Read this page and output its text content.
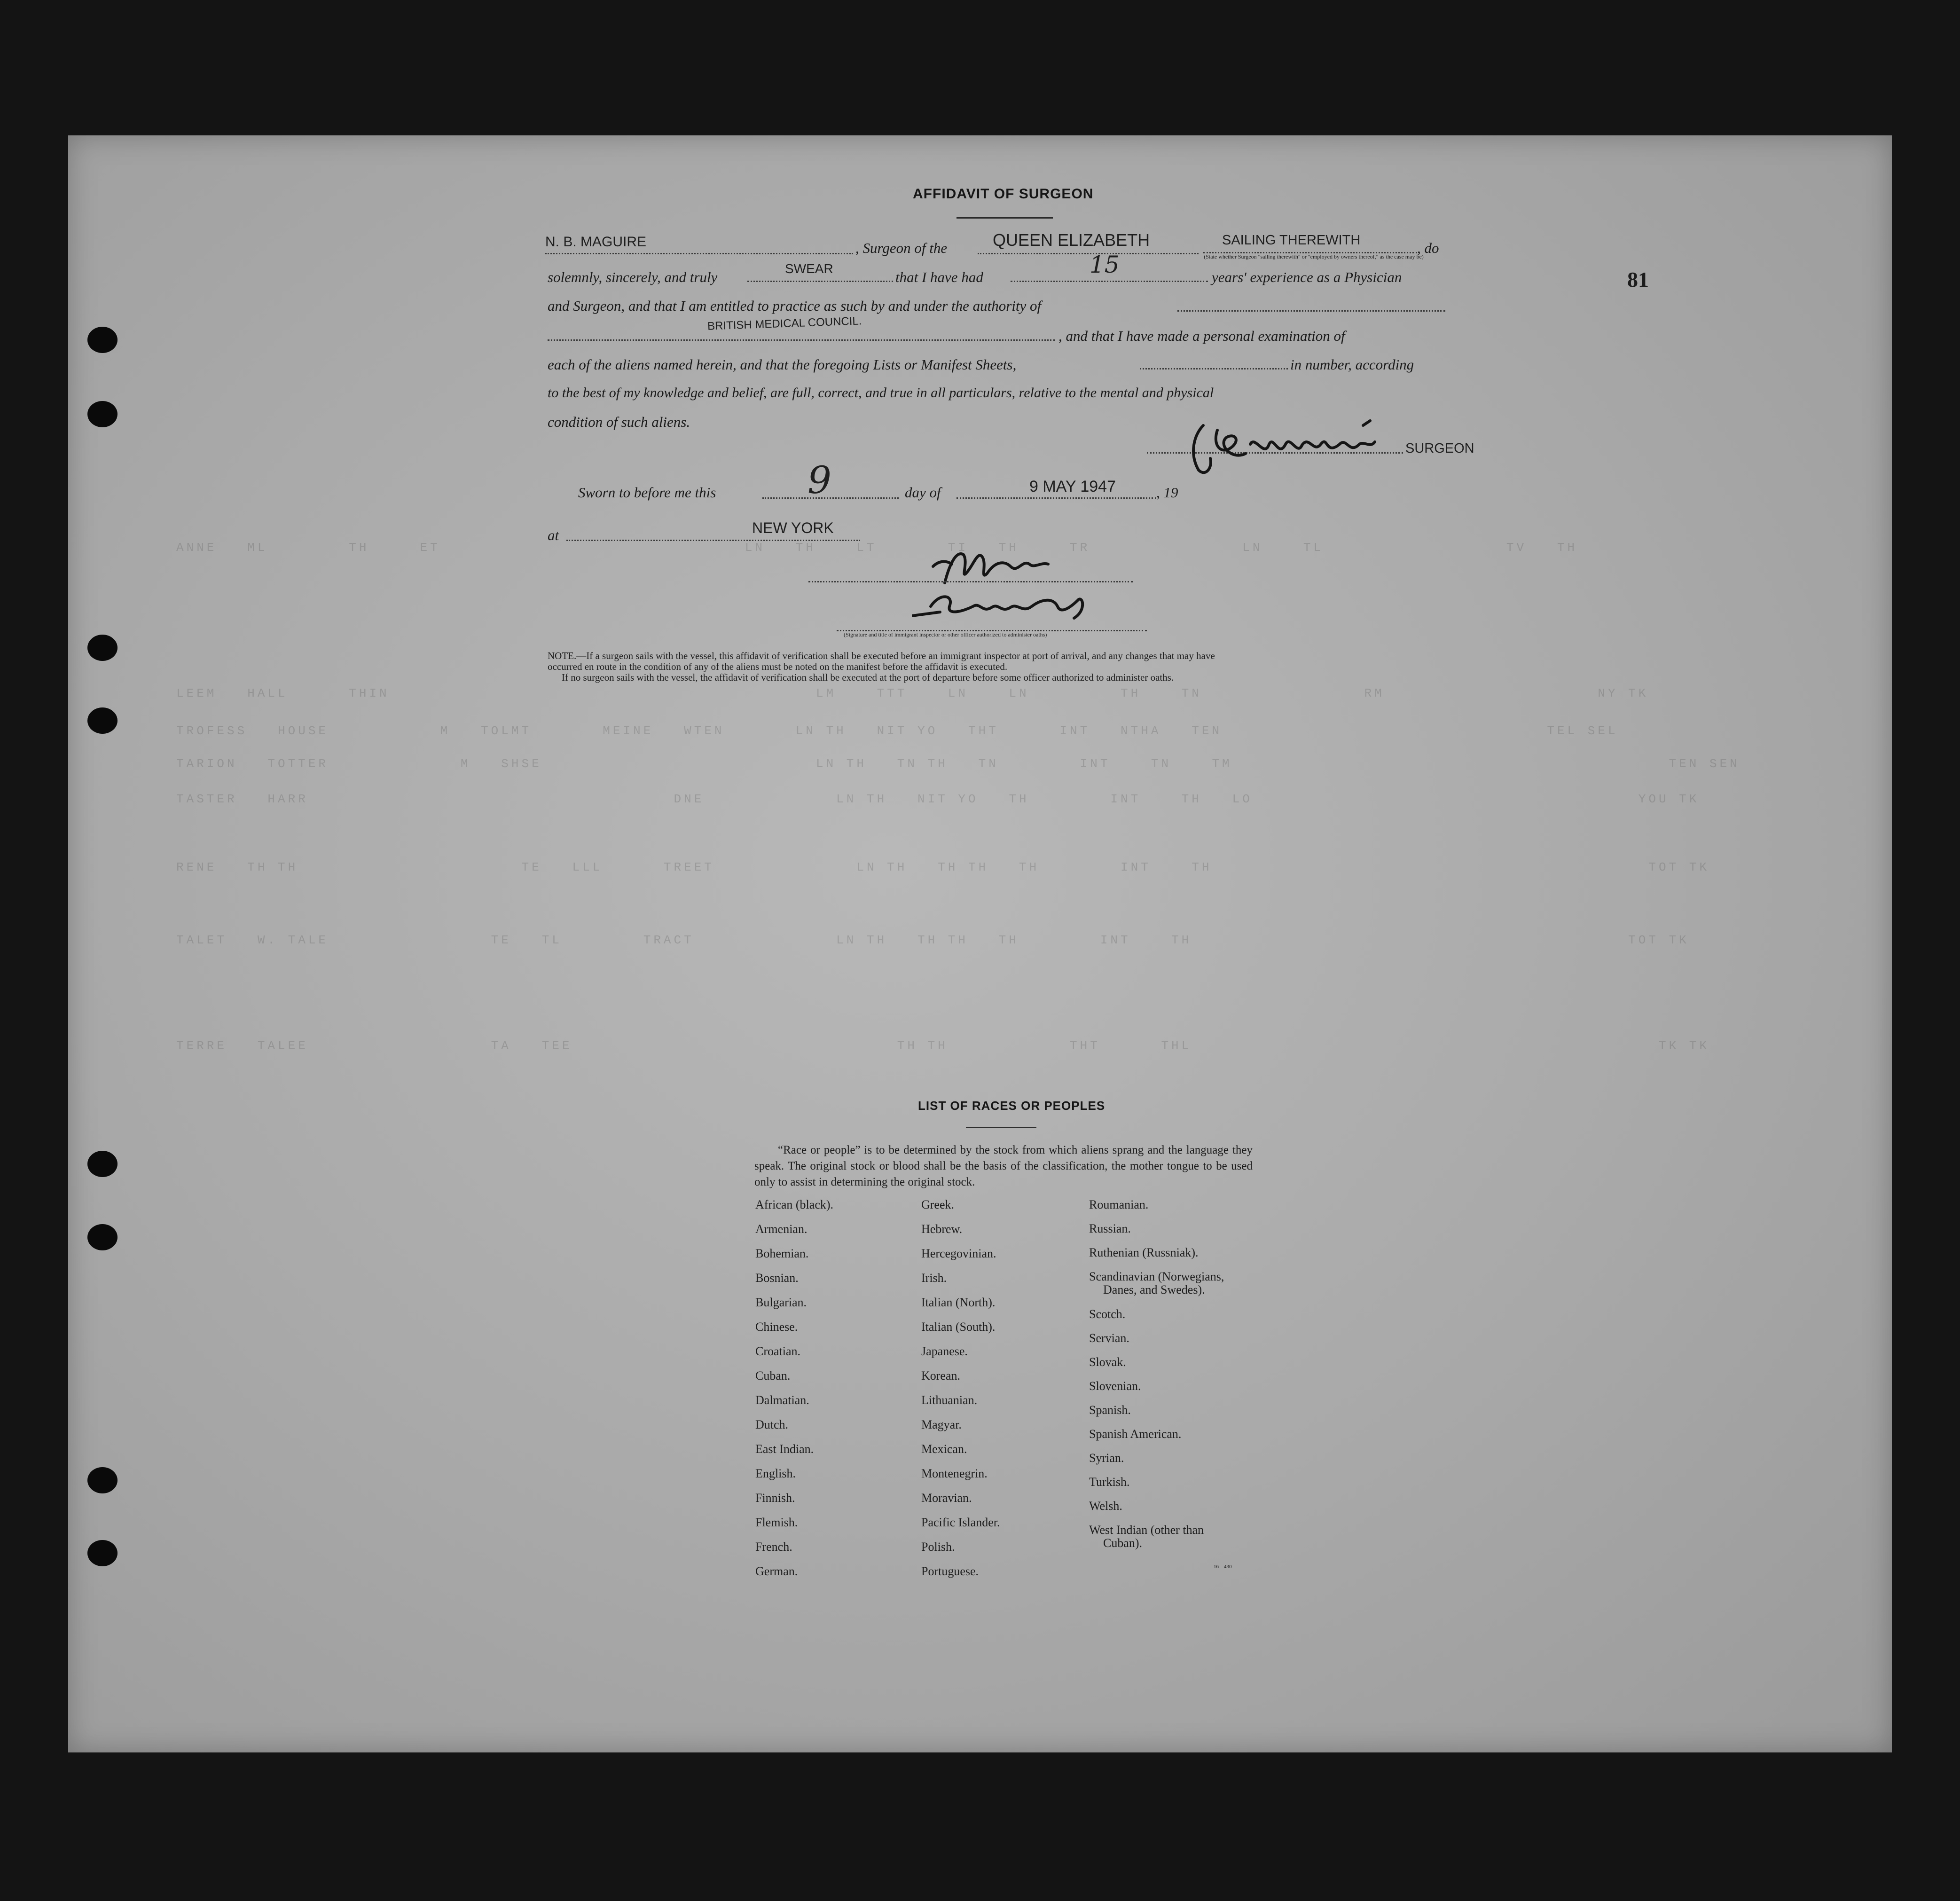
ANNE   ML        TH     ET                              LN   TH    LT       TI   TH     TR               LN    TL                  TV   TH
LEEM   HALL      THIN                                          LM    TTT    LN    LN         TH    TN                RM                     NY TK
TROFESS   HOUSE           M   TOLMT       MEINE   WTEN       LN TH   NIT YO   THT      INT   NTHA   TEN                                TEL SEL
TARION   TOTTER             M   SHSE                           LN TH   TN TH   TN        INT    TN    TM                                           TEN SEN
TASTER   HARR                                    DNE             LN TH   NIT YO   TH        INT    TH   LO                                      YOU TK
RENE   TH TH                      TE   LLL      TREET              LN TH   TH TH   TH        INT    TH                                           TOT TK
TALET   W. TALE                TE   TL        TRACT              LN TH   TH TH   TH        INT    TH                                           TOT TK
TERRE   TALEE                  TA   TEE                                TH TH            THT      THL                                              TK TK
81
AFFIDAVIT OF SURGEON
N. B. MAGUIRE	, Surgeon of the	QUEEN ELIZABETH	SAILING THEREWITH	, do
(State whether Surgeon "sailing therewith" or "employed by owners thereof," as the case may be)
solemnly, sincerely, and truly
SWEAR
that I have had	15	years' experience as a Physician
and Surgeon, and that I am entitled to practice as such by and under the authority of
BRITISH MEDICAL COUNCIL.
, and that I have made a personal examination of
each of the aliens named herein, and that the foregoing Lists or Manifest Sheets,	in number, according
to the best of my knowledge and belief, are full, correct, and true in all particulars, relative to the mental and physical
condition of such aliens.
SURGEON
Sworn to before me this 9	day of	9 MAY 1947	, 19
at	NEW YORK
(Signature and title of immigrant inspector or other officer authorized to administer oaths)
NOTE.—If a surgeon sails with the vessel, this affidavit of verification shall be executed before an immigrant inspector at port of arrival, and any changes that may have
occurred en route in the condition of any of the aliens must be noted on the manifest before the affidavit is executed.
If no surgeon sails with the vessel, the affidavit of verification shall be executed at the port of departure before some officer authorized to administer oaths.
LIST OF RACES OR PEOPLES
“Race or people” is to be determined by the stock from which aliens sprang and the language they speak. The original stock or blood shall be the basis of the classification, the mother tongue to be used only to assist in determining the original stock.
African (black).
Armenian.
Bohemian.
Bosnian.
Bulgarian.
Chinese.
Croatian.
Cuban.
Dalmatian.
Dutch.
East Indian.
English.
Finnish.
Flemish.
French.
German.
Greek.
Hebrew.
Hercegovinian.
Irish.
Italian (North).
Italian (South).
Japanese.
Korean.
Lithuanian.
Magyar.
Mexican.
Montenegrin.
Moravian.
Pacific Islander.
Polish.
Portuguese.
Roumanian.
Russian.
Ruthenian (Russniak).
Scandinavian (Norwegians,
Danes, and Swedes).
Scotch.
Servian.
Slovak.
Slovenian.
Spanish.
Spanish American.
Syrian.
Turkish.
Welsh.
West Indian (other than
Cuban).
16—430
